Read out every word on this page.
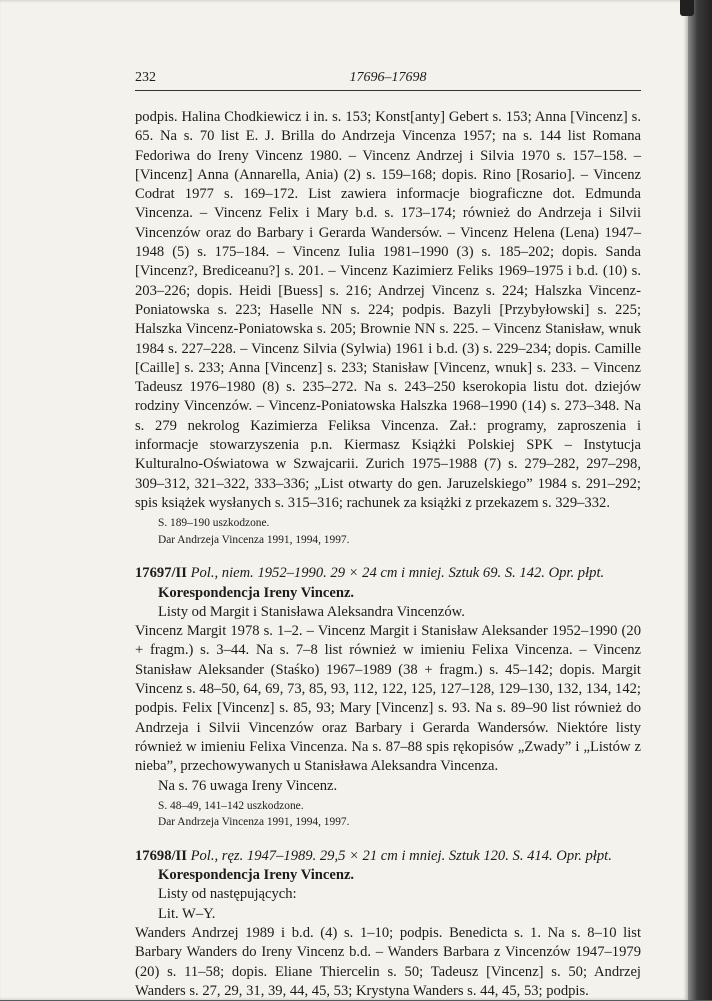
232	17696–17698

podpis. Halina Chodkiewicz i in. s. 153; Konst[anty] Gebert s. 153; Anna [Vincenz] s. 65. Na s. 70 list E. J. Brilla do Andrzeja Vincenza 1957; na s. 144 list Romana Fedoriwa do Ireny Vincenz 1980. – Vincenz Andrzej i Silvia 1970 s. 157–158. – [Vincenz] Anna (Annarella, Ania) (2) s. 159–168; dopis. Rino [Rosario]. – Vincenz Codrat 1977 s. 169–172. List zawiera informacje biograficzne dot. Edmunda Vincenza. – Vincenz Felix i Mary b.d. s. 173–174; również do Andrzeja i Silvii Vincenzów oraz do Barbary i Gerarda Wandersów. – Vincenz Helena (Lena) 1947–1948 (5) s. 175–184. – Vincenz Iulia 1981–1990 (3) s. 185–202; dopis. Sanda [Vincenz?, Brediceanu?] s. 201. – Vincenz Kazimierz Feliks 1969–1975 i b.d. (10) s. 203–226; dopis. Heidi [Buess] s. 216; Andrzej Vincenz s. 224; Halszka Vincenz-Poniatowska s. 223; Haselle NN s. 224; podpis. Bazyli [Przybyłowski] s. 225; Halszka Vincenz-Poniatowska s. 205; Brownie NN s. 225. – Vincenz Stanisław, wnuk 1984 s. 227–228. – Vincenz Silvia (Sylwia) 1961 i b.d. (3) s. 229–234; dopis. Camille [Caille] s. 233; Anna [Vincenz] s. 233; Stanisław [Vincenz, wnuk] s. 233. – Vincenz Tadeusz 1976–1980 (8) s. 235–272. Na s. 243–250 kserokopia listu dot. dziejów rodziny Vincenzów. – Vincenz-Poniatowska Halszka 1968–1990 (14) s. 273–348. Na s. 279 nekrolog Kazimierza Feliksa Vincenza. Zał.: programy, zaproszenia i informacje stowarzyszenia p.n. Kiermasz Książki Polskiej SPK – Instytucja Kulturalno-Oświatowa w Szwajcarii. Zurich 1975–1988 (7) s. 279–282, 297–298, 309–312, 321–322, 333–336; „List otwarty do gen. Jaruzelskiego” 1984 s. 291–292; spis książek wysłanych s. 315–316; rachunek za książki z przekazem s. 329–332.

S. 189–190 uszkodzone.

Dar Andrzeja Vincenza 1991, 1994, 1997.

17697/II Pol., niem. 1952–1990. 29 × 24 cm i mniej. Sztuk 69. S. 142. Opr. płpt.

Korespondencja Ireny Vincenz.

Listy od Margit i Stanisława Aleksandra Vincenzów.

Vincenz Margit 1978 s. 1–2. – Vincenz Margit i Stanisław Aleksander 1952–1990 (20 + fragm.) s. 3–44. Na s. 7–8 list również w imieniu Felixa Vincenza. – Vincenz Stanisław Aleksander (Staśko) 1967–1989 (38 + fragm.) s. 45–142; dopis. Margit Vincenz s. 48–50, 64, 69, 73, 85, 93, 112, 122, 125, 127–128, 129–130, 132, 134, 142; podpis. Felix [Vincenz] s. 85, 93; Mary [Vincenz] s. 93. Na s. 89–90 list również do Andrzeja i Silvii Vincenzów oraz Barbary i Gerarda Wandersów. Niektóre listy również w imieniu Felixa Vincenza. Na s. 87–88 spis rękopisów „Zwady” i „Listów z nieba”, przechowywanych u Stanisława Aleksandra Vincenza.

Na s. 76 uwaga Ireny Vincenz.

S. 48–49, 141–142 uszkodzone.

Dar Andrzeja Vincenza 1991, 1994, 1997.

17698/II Pol., ręz. 1947–1989. 29,5 × 21 cm i mniej. Sztuk 120. S. 414. Opr. płpt.

Korespondencja Ireny Vincenz.

Listy od następujących:

Lit. W–Y.

Wanders Andrzej 1989 i b.d. (4) s. 1–10; podpis. Benedicta s. 1. Na s. 8–10 list Barbary Wanders do Ireny Vincenz b.d. – Wanders Barbara z Vincenzów 1947–1979 (20) s. 11–58; dopis. Eliane Thiercelin s. 50; Tadeusz [Vincenz] s. 50; Andrzej Wanders s. 27, 29, 31, 39, 44, 45, 53; Krystyna Wanders s. 44, 45, 53; podpis.
